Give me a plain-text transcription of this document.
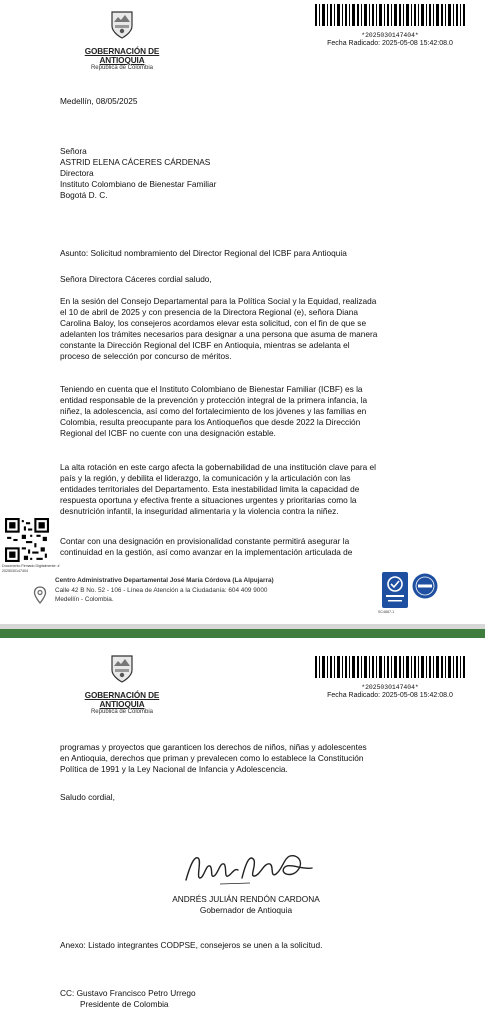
GOBERNACIÓN DE ANTIOQUIA
República de Colombia
*2025030147404*
Fecha Radicado: 2025-05-08 15:42:08.0
Medellín, 08/05/2025
Señora
ASTRID ELENA CÁCERES CÁRDENAS
Directora
Instituto Colombiano de Bienestar Familiar
Bogotá D. C.
Asunto: Solicitud nombramiento del Director Regional del ICBF para Antioquia
Señora Directora Cáceres cordial saludo,
En la sesión del Consejo Departamental para la Política Social y la Equidad, realizada
el 10 de abril de 2025 y con presencia de la Directora Regional (e), señora Diana
Carolina Baloy, los consejeros acordamos elevar esta solicitud, con el fin de que se
adelanten los trámites necesarios para designar a una persona que asuma de manera
constante la Dirección Regional del ICBF en Antioquia, mientras se adelanta el
proceso de selección por concurso de méritos.
Teniendo en cuenta que el Instituto Colombiano de Bienestar Familiar (ICBF) es la
entidad responsable de la prevención y protección integral de la primera infancia, la
niñez, la adolescencia, así como del fortalecimiento de los jóvenes y las familias en
Colombia, resulta preocupante para los Antioqueños que desde 2022 la Dirección
Regional del ICBF no cuente con una designación estable.
La alta rotación en este cargo afecta la gobernabilidad de una institución clave para el
país y la región, y debilita el liderazgo, la comunicación y la articulación con las
entidades territoriales del Departamento. Esta inestabilidad limita la capacidad de
respuesta oportuna y efectiva frente a situaciones urgentes y prioritarias como la
desnutrición infantil, la inseguridad alimentaria y la violencia contra la niñez.
Contar con una designación en provisionalidad constante permitirá asegurar la
continuidad en la gestión, así como avanzar en la implementación articulada de
Documento Firmado Digitalmente: # 2025030147404
Centro Administrativo Departamental José María Córdova (La Alpujarra)
Calle 42 B No. 52 - 106 - Línea de Atención a la Ciudadanía: 604 409 9000
Medellín - Colombia.
SC4887-1
GOBERNACIÓN DE ANTIOQUIA
República de Colombia
*2025030147404*
Fecha Radicado: 2025-05-08 15:42:08.0
programas y proyectos que garanticen los derechos de niños, niñas y adolescentes
en Antioquia, derechos que priman y prevalecen como lo establece la Constitución
Política de 1991 y la Ley Nacional de Infancia y Adolescencia.
Saludo cordial,
ANDRÉS JULIÁN RENDÓN CARDONA
Gobernador de Antioquia
Anexo: Listado integrantes CODPSE, consejeros se unen a la solicitud.
CC: Gustavo Francisco Petro Urrego
Presidente de Colombia
